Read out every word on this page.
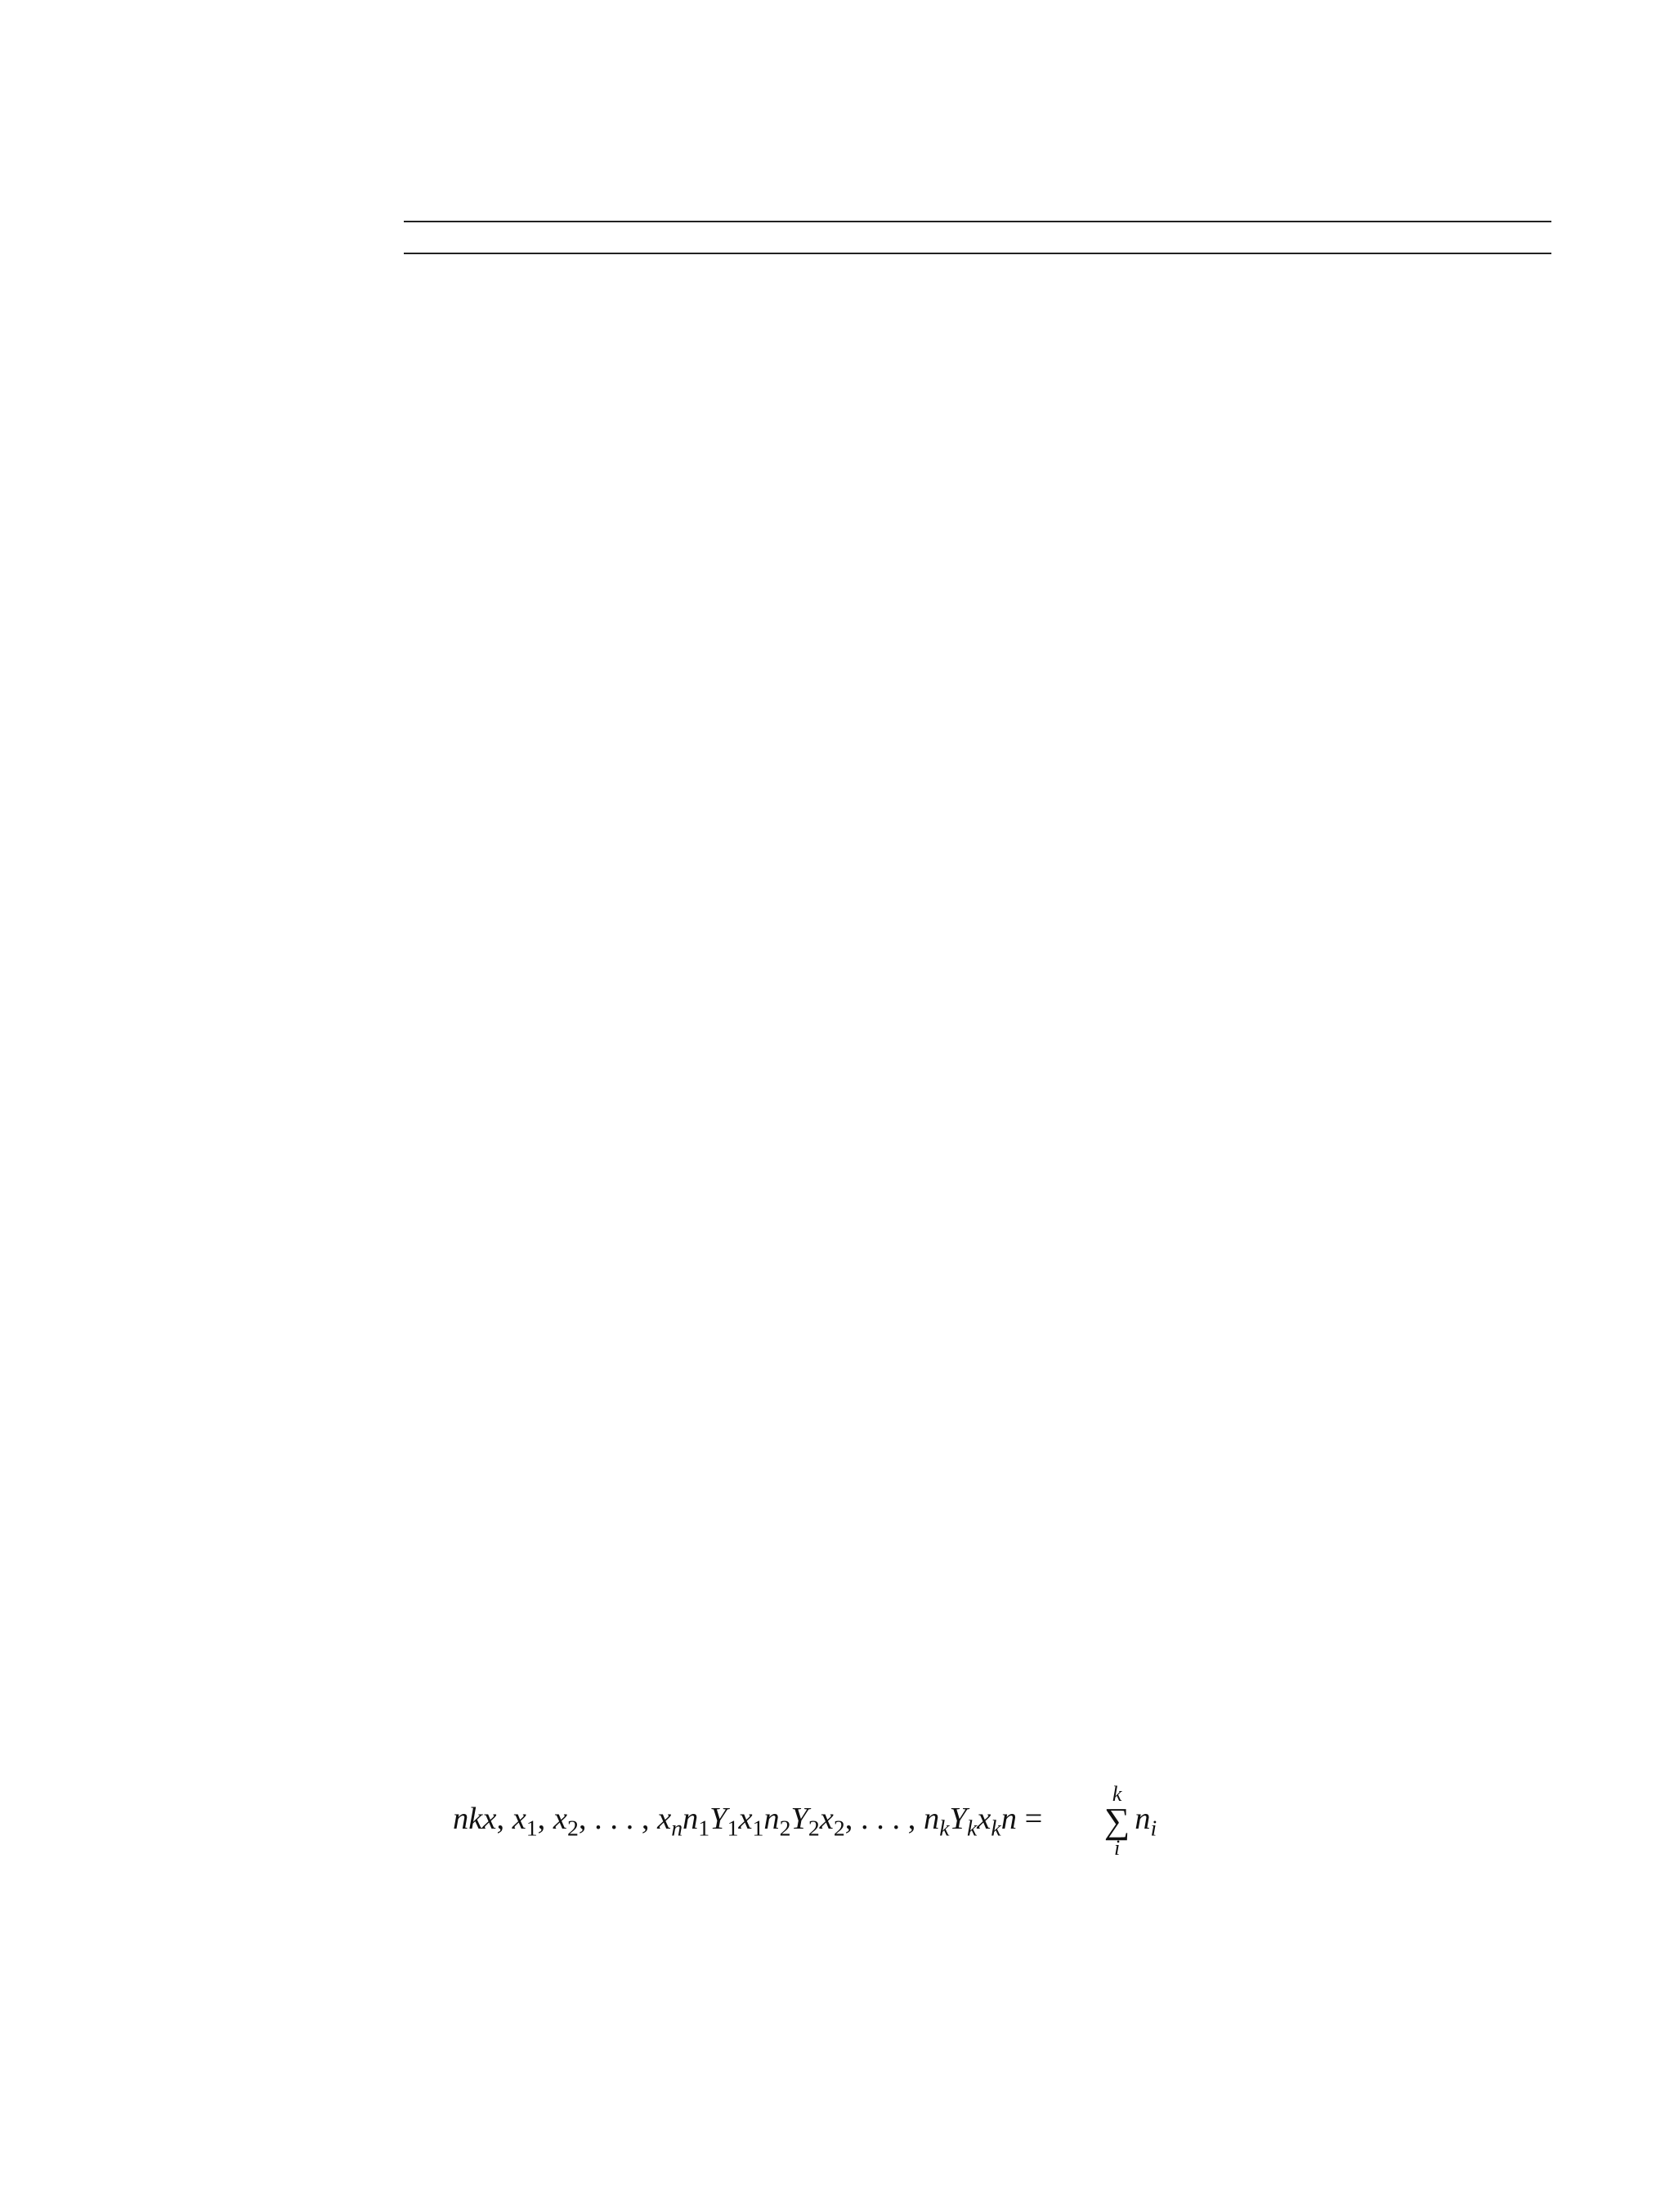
nkx, $x_1$, $x_2$, . . . , $x_nn_1Y_1x_1n_2Y_2x_2$, . . . , $n_kY_kx_kn$ =
k
∑
i
$n_i$
